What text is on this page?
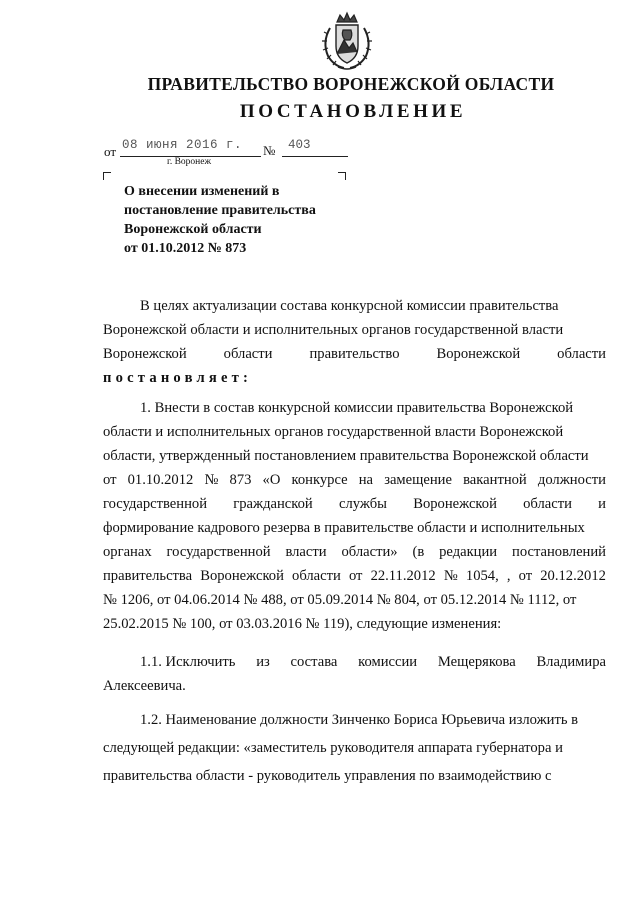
ПРАВИТЕЛЬСТВО ВОРОНЕЖСКОЙ ОБЛАСТИ
ПОСТАНОВЛЕНИЕ
от 08 июня 2016 г. № 403
г. Воронеж
О внесении изменений в
постановление правительства
Воронежской области
от 01.10.2012 № 873
В целях актуализации состава конкурсной комиссии правительства
Воронежской области и исполнительных органов государственной власти
Воронежской	области	правительство	Воронежской	области
постановляет:
1. Внести в состав конкурсной комиссии правительства Воронежской
области и исполнительных органов государственной власти Воронежской
области, утвержденный постановлением правительства Воронежской области
от 01.10.2012 № 873 «О конкурсе на замещение вакантной должности
государственной гражданской службы Воронежской области и
формирование кадрового резерва в правительстве области и исполнительных
органах государственной власти области» (в редакции постановлений
правительства Воронежской области от 22.11.2012 № 1054, , от 20.12.2012
№ 1206, от 04.06.2014 № 488, от 05.09.2014 № 804, от 05.12.2014 № 1112, от
25.02.2015 № 100, от 03.03.2016 № 119), следующие изменения:
1.1. Исключить из состава комиссии Мещерякова Владимира
Алексеевича.
1.2. Наименование должности Зинченко Бориса Юрьевича изложить в
следующей редакции: «заместитель руководителя аппарата губернатора и
правительства области - руководитель управления по взаимодействию с
